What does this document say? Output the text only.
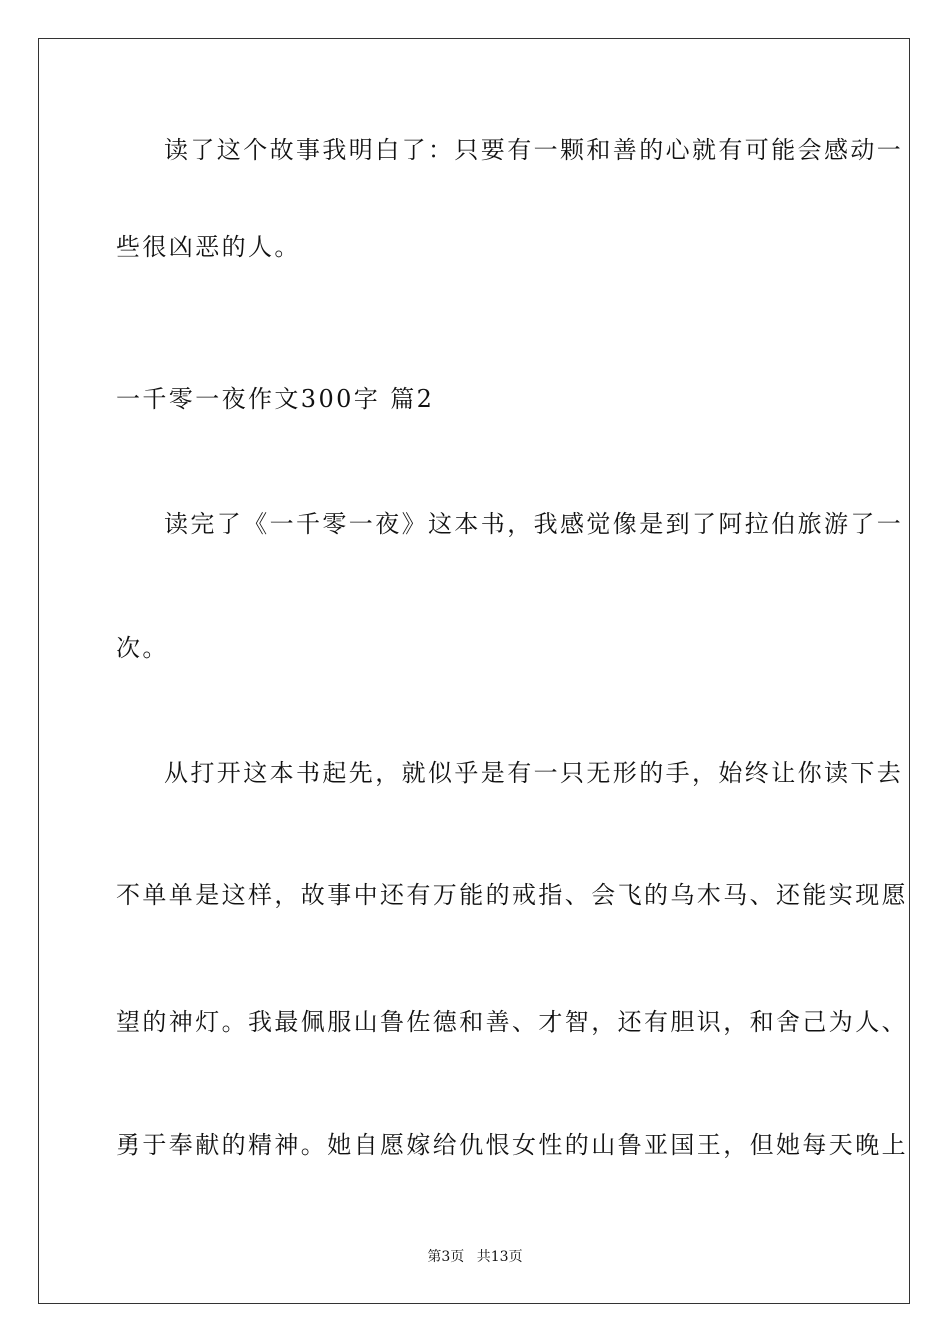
读了这个故事我明白了：只要有一颗和善的心就有可能会感动一
些很凶恶的人。
一千零一夜作文300字 篇2
读完了《一千零一夜》这本书，我感觉像是到了阿拉伯旅游了一
次。
从打开这本书起先，就似乎是有一只无形的手，始终让你读下去
不单单是这样，故事中还有万能的戒指、会飞的乌木马、还能实现愿
望的神灯。我最佩服山鲁佐德和善、才智，还有胆识，和舍己为人、
勇于奉献的精神。她自愿嫁给仇恨女性的山鲁亚国王，但她每天晚上
第3页 共13页
